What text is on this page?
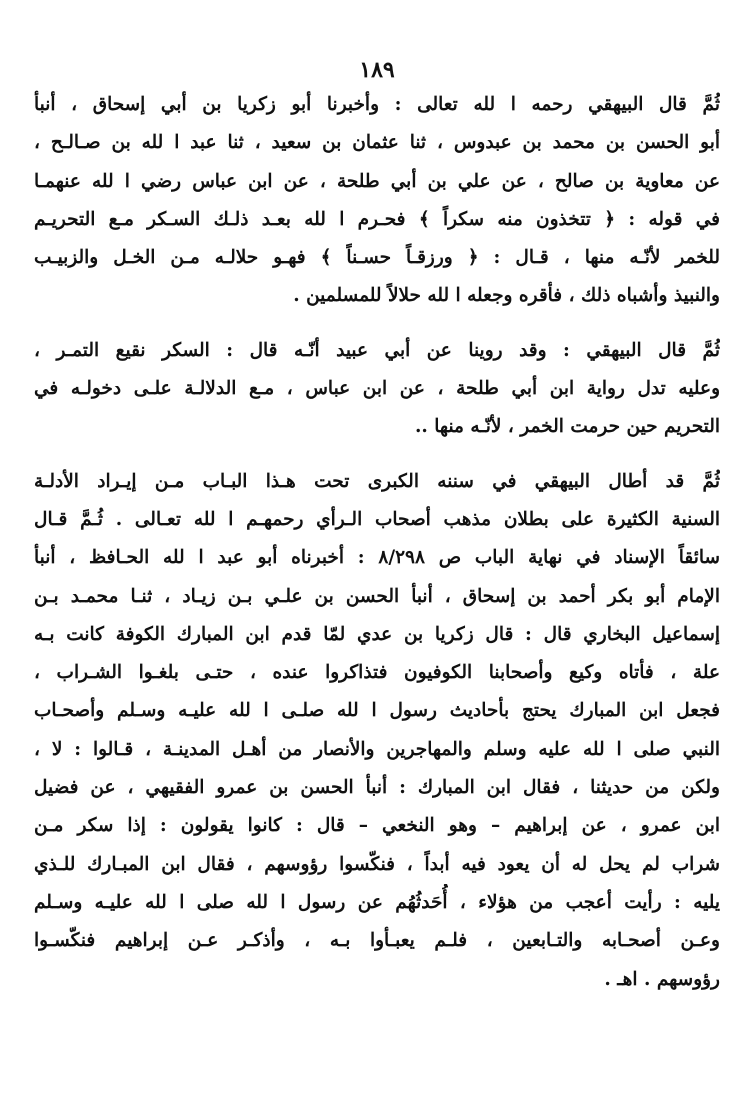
١٨٩
ثُمَّ قال البيهقي رحمه ا لله تعالى : وأخبرنا أبو زكريا بن أبي إسحاق ، أنبأ
أبو الحسن بن محمد بن عبدوس ، ثنا عثمان بن سعيد ، ثنا عبد ا لله بن صـالـح ،
عن معاوية بن صالح ، عن علي بن أبي طلحة ، عن ابن عباس رضي ا لله عنهمـا
في قوله : ﴿ تتخذون منه سكراً ﴾ فحـرم ا لله بعـد ذلـك السـكر مـع التحريـم
للخمر لأنّـه منها ، قـال : ﴿ ورزقـاً حسـناً ﴾ فهـو حلالـه مـن الخـل والزبيـب
والنبيذ وأشباه ذلك ، فأقره وجعله ا لله حلالاً للمسلمين .
ثُمَّ قال البيهقي : وقد روينا عن أبي عبيد أنّـه قال : السكر نقيع التمـر ،
وعليه تدل رواية ابن أبي طلحة ، عن ابن عباس ، مـع الدلالـة علـى دخولـه في
التحريم حين حرمت الخمر ، لأنّـه منها ..
ثُمَّ قد أطال البيهقي في سننه الكبرى تحت هـذا البـاب مـن إيـراد الأدلـة
السنية الكثيرة على بطلان مذهب أصحاب الـرأي رحمهـم ا لله تعـالى . ثُـمَّ قـال
سائقاً الإسناد في نهاية الباب ص ٨/٢٩٨ : أخبرناه أبو عبد ا لله الحـافظ ، أنبأ
الإمام أبو بكر أحمد بن إسحاق ، أنبأ الحسن بن علـي بـن زيـاد ، ثنـا محمـد بـن
إسماعيل البخاري قال : قال زكريا بن عدي لمّا قدم ابن المبارك الكوفة كانت بـه
علة ، فأتاه وكيع وأصحابنا الكوفيون فتذاكروا عنده ، حتـى بلغـوا الشـراب ،
فجعل ابن المبارك يحتج بأحاديث رسول ا لله صلـى ا لله عليـه وسـلم وأصحـاب
النبي صلى ا لله عليه وسلم والمهاجرين والأنصار من أهـل المدينـة ، قـالوا : لا ،
ولكن من حديثنا ، فقال ابن المبارك : أنبأ الحسن بن عمرو الفقيهي ، عن فضيل
ابن عمرو ، عن إبراهيم – وهو النخعي – قال : كانوا يقولون : إذا سكر مـن
شراب لم يحل له أن يعود فيه أبداً ، فنكّسوا رؤوسهم ، فقال ابن المبـارك للـذي
يليه : رأيت أعجب من هؤلاء ، أُحَدثُهُم عن رسول ا لله صلى ا لله عليـه وسـلم
وعـن أصحـابه والتـابعين ، فلـم يعبـأوا بـه ، وأذكـر عـن إبراهيم فنكّسـوا
رؤوسهم . اهـ .
